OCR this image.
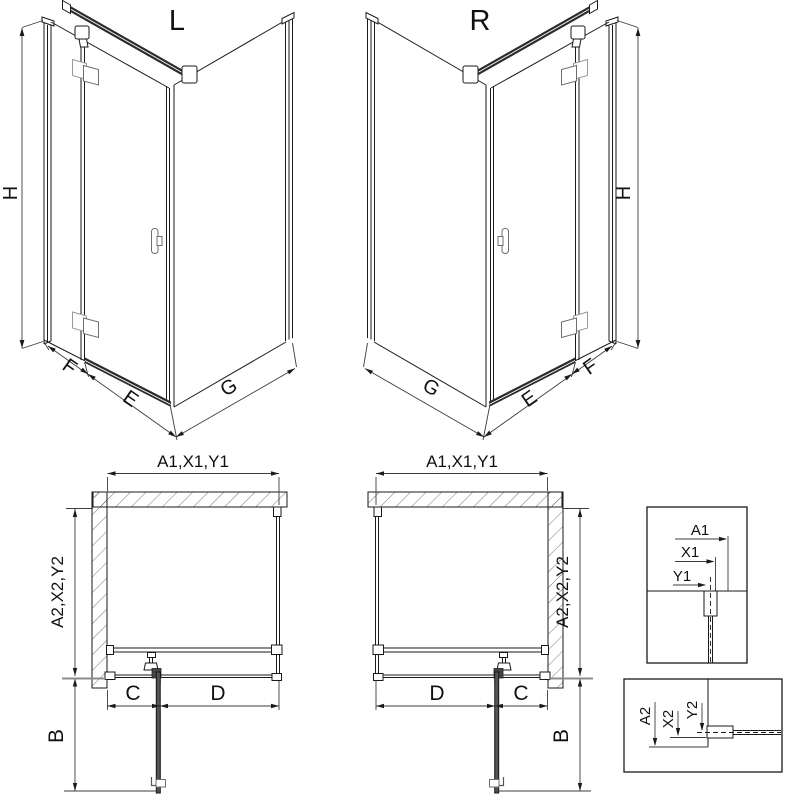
L
H
F
E	G
R
H
F
E
G
A1,X1,Y1
A2,X2,Y2
B
C	D
A1,X1,Y1
A2,X2,Y2
B
C
D
A1
X1
Y1
A2 X2 Y2
